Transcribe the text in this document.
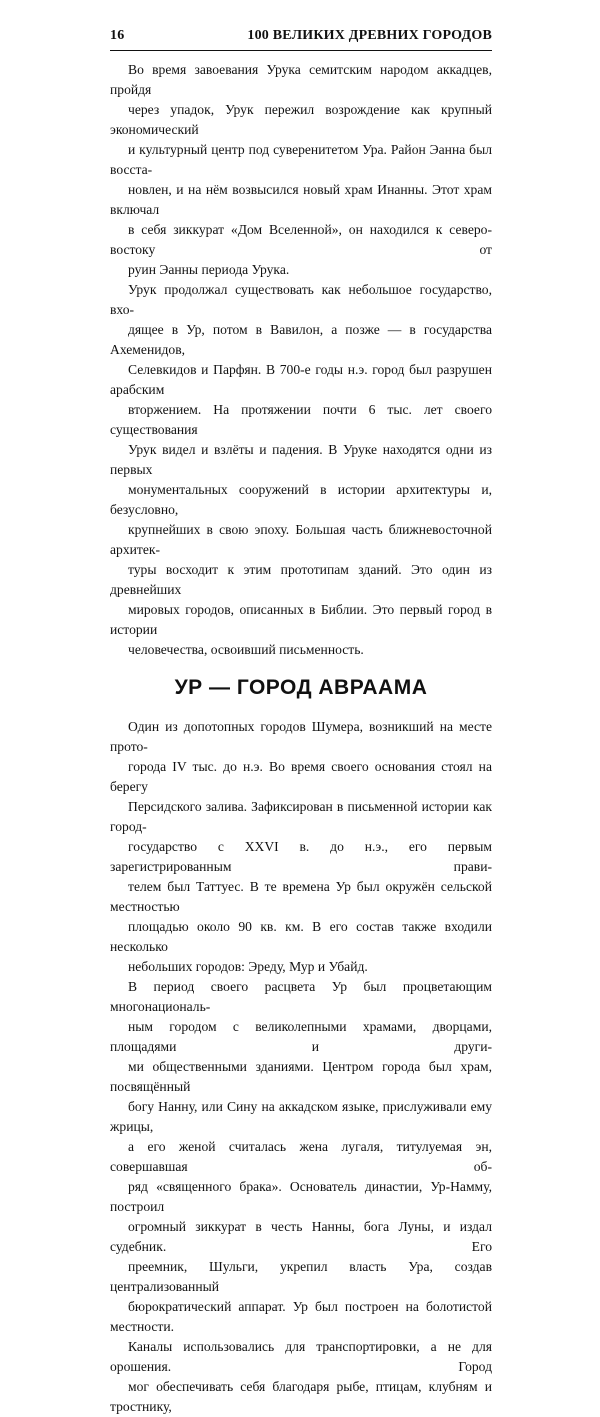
16	100 ВЕЛИКИХ ДРЕВНИХ ГОРОДОВ

Во время завоевания Урука семитским народом аккадцев, пройдя
через упадок, Урук пережил возрождение как крупный экономический
и культурный центр под суверенитетом Ура. Район Эанна был восста-
новлен, и на нём возвысился новый храм Инанны. Этот храм включал
в себя зиккурат «Дом Вселенной», он находился к северо-востоку от
руин Эанны периода Урука.

Урук продолжал существовать как небольшое государство, вхо-
дящее в Ур, потом в Вавилон, а позже — в государства Ахеменидов,
Селевкидов и Парфян. В 700-е годы н.э. город был разрушен арабским
вторжением. На протяжении почти 6 тыс. лет своего существования
Урук видел и взлёты и падения. В Уруке находятся одни из первых
монументальных сооружений в истории архитектуры и, безусловно,
крупнейших в свою эпоху. Большая часть ближневосточной архитек-
туры восходит к этим прототипам зданий. Это один из древнейших
мировых городов, описанных в Библии. Это первый город в истории
человечества, освоивший письменность.

УР — ГОРОД АВРААМА

Один из допотопных городов Шумера, возникший на месте прото-
города IV тыс. до н.э. Во время своего основания стоял на берегу
Персидского залива. Зафиксирован в письменной истории как город-
государство с XXVI в. до н.э., его первым зарегистрированным прави-
телем был Таттуес. В те времена Ур был окружён сельской местностью
площадью около 90 кв. км. В его состав также входили несколько
небольших городов: Эреду, Мур и Убайд.

В период своего расцвета Ур был процветающим многонациональ-
ным городом с великолепными храмами, дворцами, площадями и други-
ми общественными зданиями. Центром города был храм, посвящённый
богу Нанну, или Сину на аккадском языке, прислуживали ему жрицы,
а его женой считалась жена лугаля, титулуемая эн, совершавшая об-
ряд «священного брака». Основатель династии, Ур-Намму, построил
огромный зиккурат в честь Нанны, бога Луны, и издал судебник. Его
преемник, Шульги, укрепил власть Ура, создав централизованный
бюрократический аппарат. Ур был построен на болотистой местности.
Каналы использовались для транспортировки, а не для орошения. Город
мог обеспечивать себя благодаря рыбе, птицам, клубням и тростнику,
